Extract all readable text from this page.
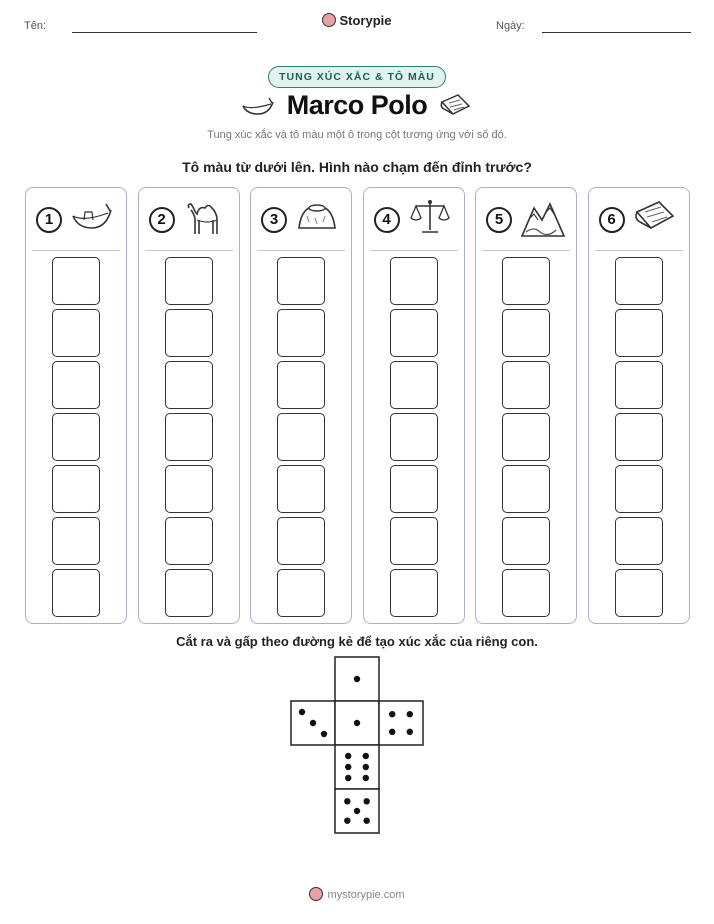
Tên:	Storypie	Ngày:
TUNG XÚC XẮC & TÔ MÀU
Marco Polo
Tung xúc xắc và tô màu một ô trong cột tương ứng với số đó.
Tô màu từ dưới lên. Hình nào chạm đến đỉnh trước?
1	2	3	4	5	6
Cắt ra và gấp theo đường kẻ để tạo xúc xắc của riêng con.
mystorypie.com
